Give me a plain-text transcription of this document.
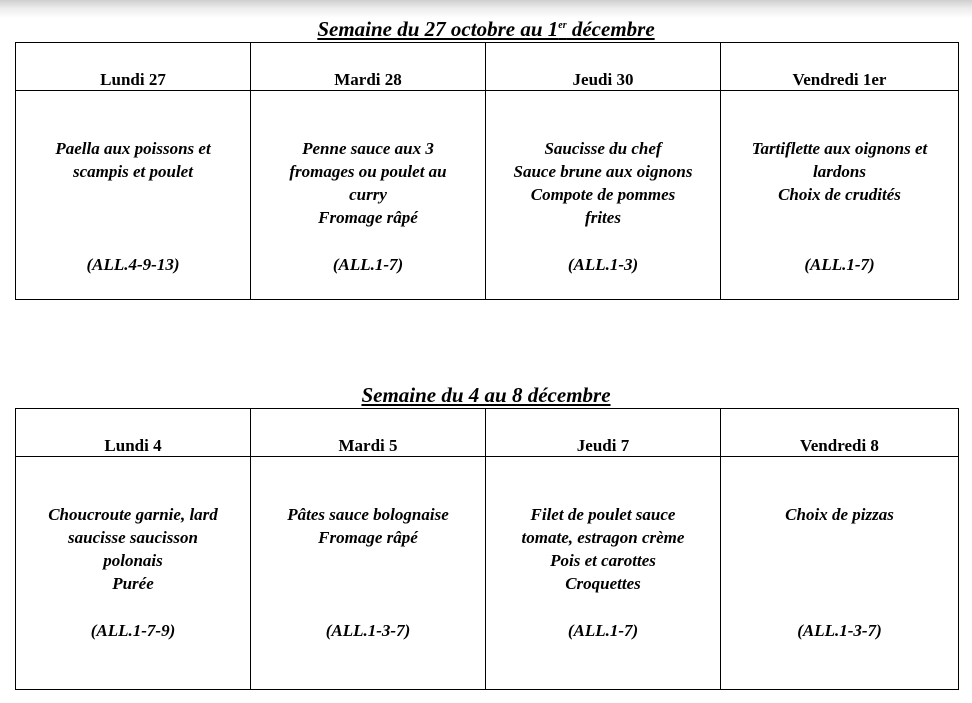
Semaine du 27 octobre au 1er décembre
Lundi 27	Mardi 28	Jeudi 30	Vendredi 1er

Paella aux poissons et
scampis et poulet
(ALL.4-9-13)	Penne sauce aux 3
fromages ou poulet au
curry
Fromage râpé
(ALL.1-7)	Saucisse du chef
Sauce brune aux oignons
Compote de pommes
frites
(ALL.1-3)	Tartiflette aux oignons et
lardons
Choix de crudités
(ALL.1-7)
Semaine du 4 au 8 décembre
Lundi 4	Mardi 5	Jeudi 7	Vendredi 8

Choucroute garnie, lard
saucisse saucisson
polonais
Purée
(ALL.1-7-9)	Pâtes sauce bolognaise
Fromage râpé
(ALL.1-3-7)	Filet de poulet sauce
tomate, estragon crème
Pois et carottes
Croquettes
(ALL.1-7)	Choix de pizzas
(ALL.1-3-7)
